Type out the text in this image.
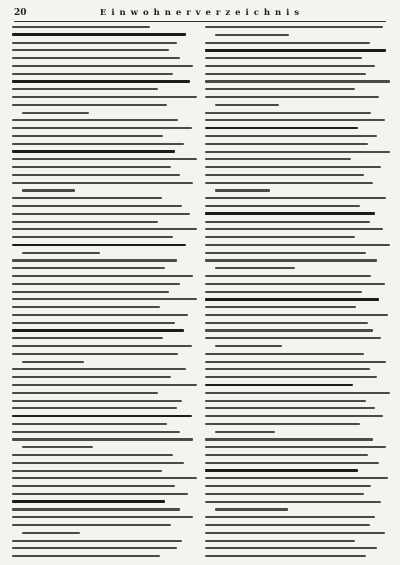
20	E i n w o h n e r v e r z e i c h n i s
